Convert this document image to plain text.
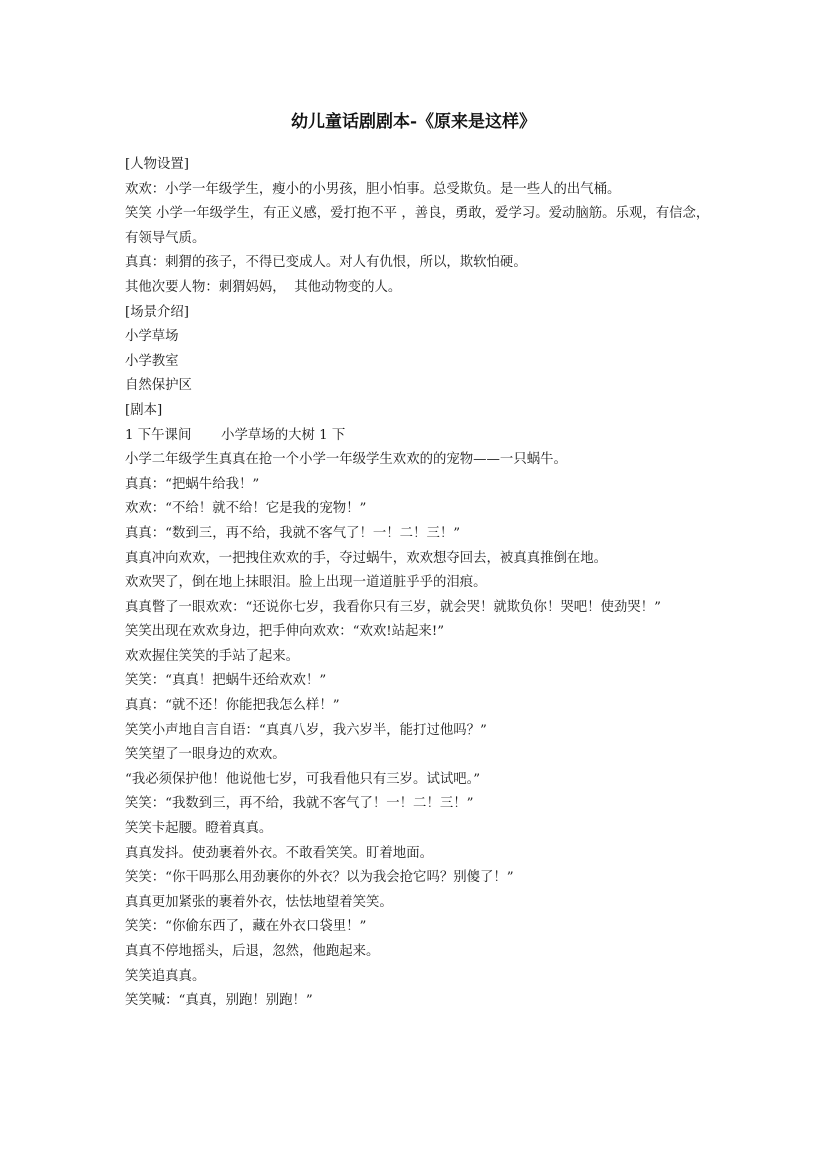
幼儿童话剧剧本-《原来是这样》

[人物设置]

欢欢：小学一年级学生，瘦小的小男孩，胆小怕事。总受欺负。是一些人的出气桶。

笑笑 小学一年级学生，有正义感，爱打抱不平 ，善良，勇敢，爱学习。爱动脑筋。乐观，有信念，有领导气质。

真真：刺猬的孩子，不得已变成人。对人有仇恨，所以，欺软怕硬。

其他次要人物：刺猬妈妈，  其他动物变的人。

[场景介绍]

小学草场

小学教室

自然保护区

[剧本]

1 下午课间       小学草场的大树 1 下

小学二年级学生真真在抢一个小学一年级学生欢欢的的宠物——一只蜗牛。

真真：“把蜗牛给我！”

欢欢：“不给！就不给！它是我的宠物！”

真真：“数到三，再不给，我就不客气了！一！二！三！”

真真冲向欢欢，一把拽住欢欢的手，夺过蜗牛，欢欢想夺回去，被真真推倒在地。

欢欢哭了，倒在地上抹眼泪。脸上出现一道道脏乎乎的泪痕。

真真瞥了一眼欢欢：“还说你七岁，我看你只有三岁，就会哭！就欺负你！哭吧！使劲哭！”

笑笑出现在欢欢身边，把手伸向欢欢：“欢欢!站起来!”

欢欢握住笑笑的手站了起来。

笑笑：“真真！把蜗牛还给欢欢！”

真真：“就不还！你能把我怎么样！”

笑笑小声地自言自语：“真真八岁，我六岁半，能打过他吗？”

笑笑望了一眼身边的欢欢。

“我必须保护他！他说他七岁，可我看他只有三岁。试试吧。”

笑笑：“我数到三，再不给，我就不客气了！一！二！三！”

笑笑卡起腰。瞪着真真。

真真发抖。使劲裹着外衣。不敢看笑笑。盯着地面。

笑笑：“你干吗那么用劲裹你的外衣？以为我会抢它吗？别傻了！”

真真更加紧张的裹着外衣，怯怯地望着笑笑。

笑笑：“你偷东西了，藏在外衣口袋里！”

真真不停地摇头，后退，忽然，他跑起来。

笑笑追真真。

笑笑喊：“真真，别跑！别跑！”
